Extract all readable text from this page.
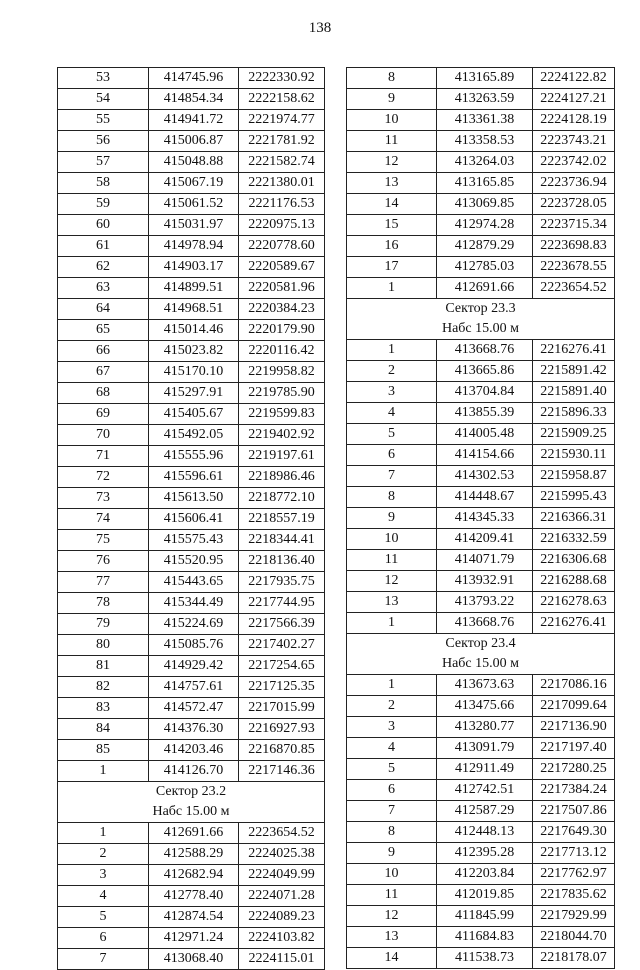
138
53	414745.96	2222330.92
54	414854.34	2222158.62
55	414941.72	2221974.77
56	415006.87	2221781.92
57	415048.88	2221582.74
58	415067.19	2221380.01
59	415061.52	2221176.53
60	415031.97	2220975.13
61	414978.94	2220778.60
62	414903.17	2220589.67
63	414899.51	2220581.96
64	414968.51	2220384.23
65	415014.46	2220179.90
66	415023.82	2220116.42
67	415170.10	2219958.82
68	415297.91	2219785.90
69	415405.67	2219599.83
70	415492.05	2219402.92
71	415555.96	2219197.61
72	415596.61	2218986.46
73	415613.50	2218772.10
74	415606.41	2218557.19
75	415575.43	2218344.41
76	415520.95	2218136.40
77	415443.65	2217935.75
78	415344.49	2217744.95
79	415224.69	2217566.39
80	415085.76	2217402.27
81	414929.42	2217254.65
82	414757.61	2217125.35
83	414572.47	2217015.99
84	414376.30	2216927.93
85	414203.46	2216870.85
1	414126.70	2217146.36
Сектор 23.2		
Набс 15.00 м		
1	412691.66	2223654.52
2	412588.29	2224025.38
3	412682.94	2224049.99
4	412778.40	2224071.28
5	412874.54	2224089.23
6	412971.24	2224103.82
7	413068.40	2224115.01
8	413165.89	2224122.82
9	413263.59	2224127.21
10	413361.38	2224128.19
11	413358.53	2223743.21
12	413264.03	2223742.02
13	413165.85	2223736.94
14	413069.85	2223728.05
15	412974.28	2223715.34
16	412879.29	2223698.83
17	412785.03	2223678.55
1	412691.66	2223654.52
Сектор 23.3		
Набс 15.00 м		
1	413668.76	2216276.41
2	413665.86	2215891.42
3	413704.84	2215891.40
4	413855.39	2215896.33
5	414005.48	2215909.25
6	414154.66	2215930.11
7	414302.53	2215958.87
8	414448.67	2215995.43
9	414345.33	2216366.31
10	414209.41	2216332.59
11	414071.79	2216306.68
12	413932.91	2216288.68
13	413793.22	2216278.63
1	413668.76	2216276.41
Сектор 23.4		
Набс 15.00 м		
1	413673.63	2217086.16
2	413475.66	2217099.64
3	413280.77	2217136.90
4	413091.79	2217197.40
5	412911.49	2217280.25
6	412742.51	2217384.24
7	412587.29	2217507.86
8	412448.13	2217649.30
9	412395.28	2217713.12
10	412203.84	2217762.97
11	412019.85	2217835.62
12	411845.99	2217929.99
13	411684.83	2218044.70
14	411538.73	2218178.07
